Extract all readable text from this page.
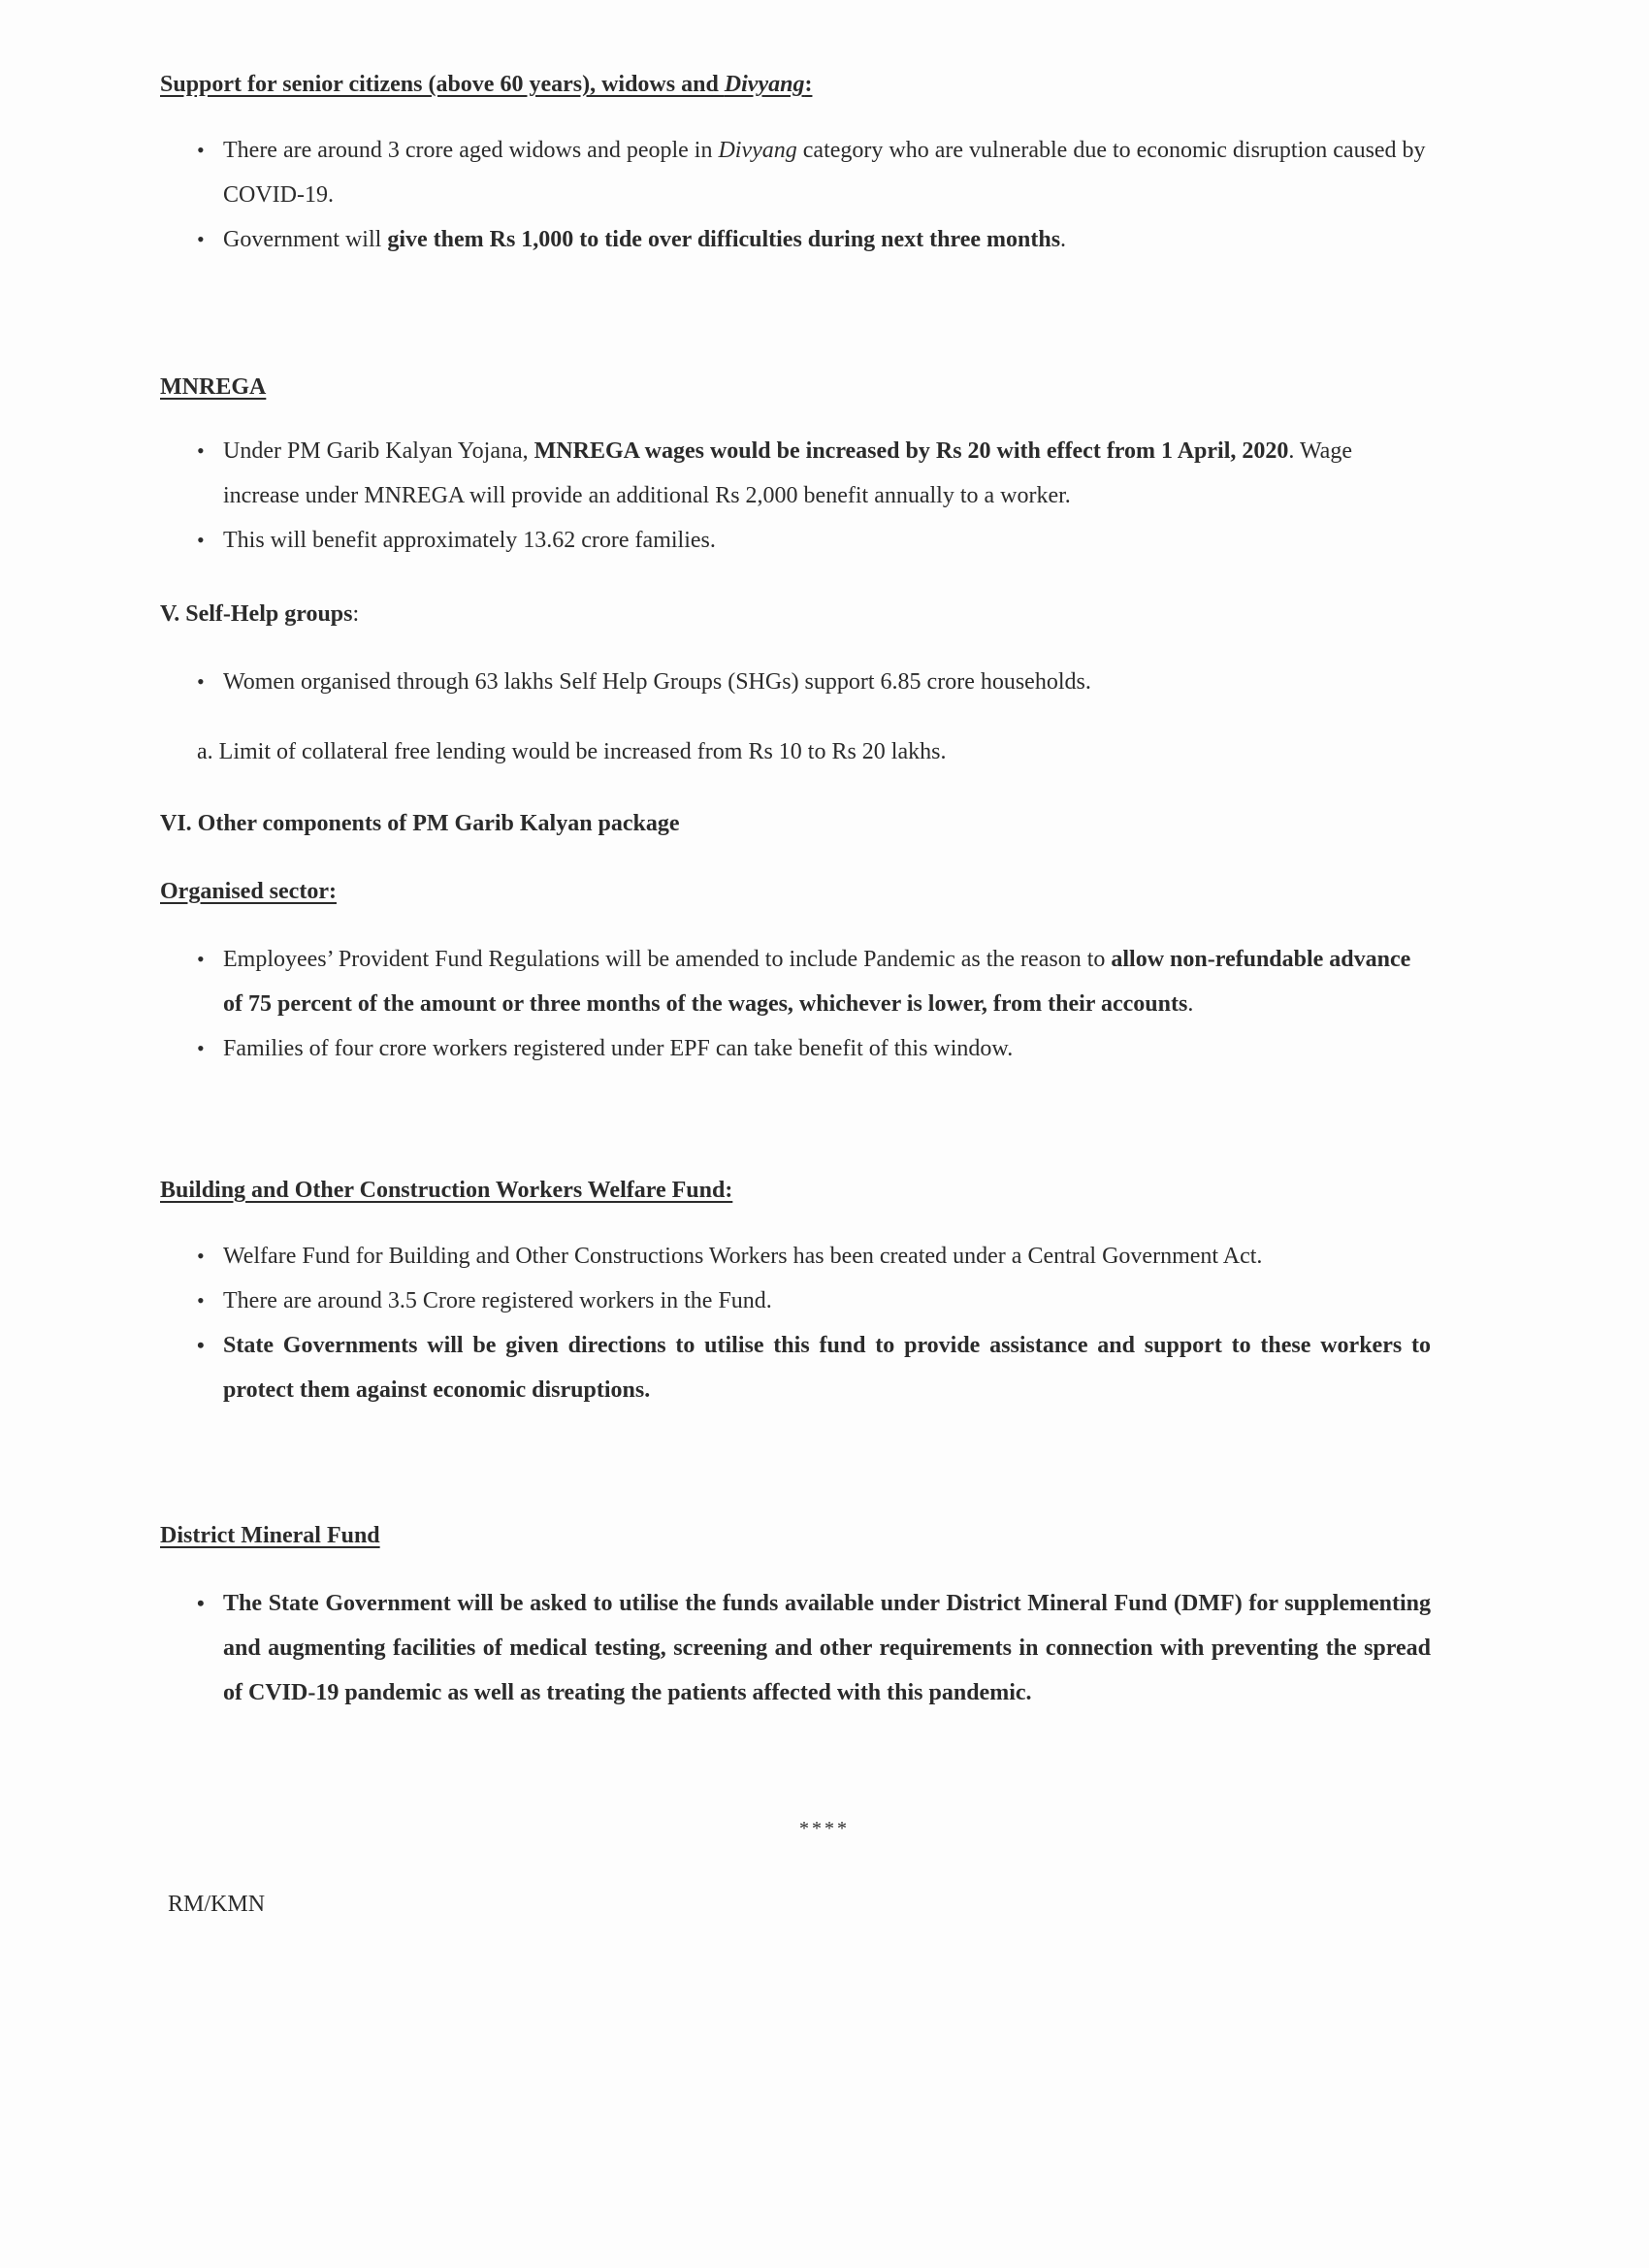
Support for senior citizens (above 60 years), widows and Divyang:
• There are around 3 crore aged widows and people in Divyang category who are vulnerable due to economic disruption caused by COVID-19.
• Government will give them Rs 1,000 to tide over difficulties during next three months.
MNREGA
• Under PM Garib Kalyan Yojana, MNREGA wages would be increased by Rs 20 with effect from 1 April, 2020. Wage increase under MNREGA will provide an additional Rs 2,000 benefit annually to a worker.
• This will benefit approximately 13.62 crore families.
V. Self-Help groups:
• Women organised through 63 lakhs Self Help Groups (SHGs) support 6.85 crore households.
a. Limit of collateral free lending would be increased from Rs 10 to Rs 20 lakhs.
VI. Other components of PM Garib Kalyan package
Organised sector:
• Employees’ Provident Fund Regulations will be amended to include Pandemic as the reason to allow non-refundable advance of 75 percent of the amount or three months of the wages, whichever is lower, from their accounts.
• Families of four crore workers registered under EPF can take benefit of this window.
Building and Other Construction Workers Welfare Fund:
• Welfare Fund for Building and Other Constructions Workers has been created under a Central Government Act.
• There are around 3.5 Crore registered workers in the Fund.
• State Governments will be given directions to utilise this fund to provide assistance and support to these workers to protect them against economic disruptions.
District Mineral Fund
• The State Government will be asked to utilise the funds available under District Mineral Fund (DMF) for supplementing and augmenting facilities of medical testing, screening and other requirements in connection with preventing the spread of CVID-19 pandemic as well as treating the patients affected with this pandemic.
****
RM/KMN
